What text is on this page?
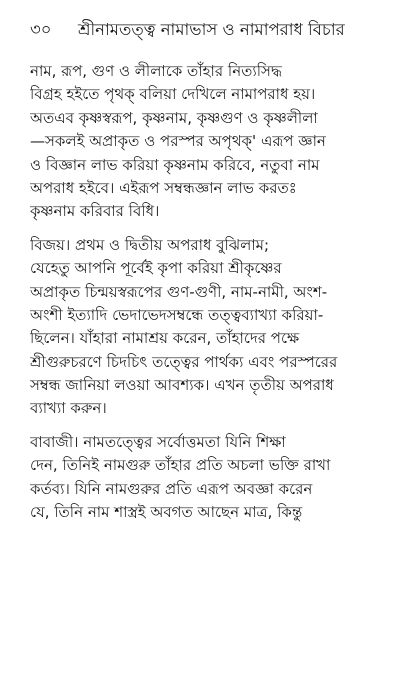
৩০ শ্রীনামতত্ত্ব নামাভাস ও নামাপরাধ বিচার
নাম, রূপ, গুণ ও লীলাকে তাঁহার নিত্যসিদ্ধ
বিগ্রহ হইতে পৃথক্ বলিয়া দেখিলে নামাপরাধ হয়।
অতএব কৃষ্ণস্বরূপ, কৃষ্ণনাম, কৃষ্ণগুণ ও কৃষ্ণলীলা
—সকলই অপ্রাকৃত ও পরস্পর অপৃথক্' এরূপ জ্ঞান
ও বিজ্ঞান লাভ করিয়া কৃষ্ণনাম করিবে, নতুবা নাম
অপরাধ হইবে। এইরূপ সম্বন্ধজ্ঞান লাভ করতঃ
কৃষ্ণনাম করিবার বিধি।
বিজয়। প্রথম ও দ্বিতীয় অপরাধ বুঝিলাম;
যেহেতু আপনি পূর্বেই কৃপা করিয়া শ্রীকৃষ্ণের
অপ্রাকৃত চিন্ময়স্বরূপের গুণ-গুণী, নাম-নামী, অংশ-
অংশী ইত্যাদি ভেদাভেদসম্বন্ধে তত্ত্বব্যাখ্যা করিয়া-
ছিলেন। যাঁহারা নামাশ্রয় করেন, তাঁহাদের পক্ষে
শ্রীগুরুচরণে চিদচিৎ তত্ত্বের পার্থক্য এবং পরস্পরের
সম্বন্ধ জানিয়া লওয়া আবশ্যক। এখন তৃতীয় অপরাধ
ব্যাখ্যা করুন।
বাবাজী। নামতত্ত্বের সর্বোত্তমতা যিনি শিক্ষা
দেন, তিনিই নামগুরু তাঁহার প্রতি অচলা ভক্তি রাখা
কর্তব্য। যিনি নামগুরুর প্রতি এরূপ অবজ্ঞা করেন
যে, তিনি নাম শাস্ত্রই অবগত আছেন মাত্র, কিন্তু
